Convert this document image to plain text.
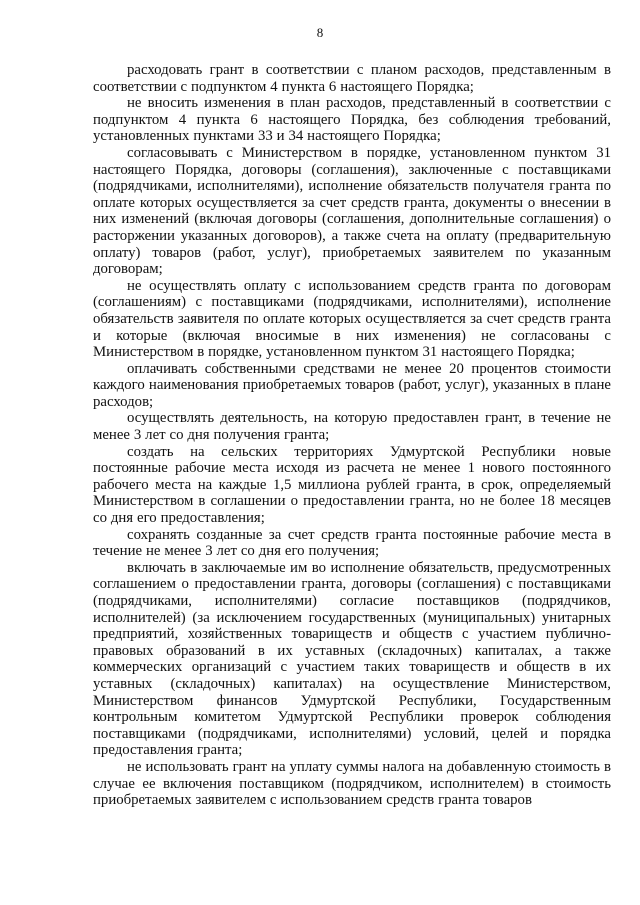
8

расходовать грант в соответствии с планом расходов, представленным в соответствии с подпунктом 4 пункта 6 настоящего Порядка;

не вносить изменения в план расходов, представленный в соответствии с подпунктом 4 пункта 6 настоящего Порядка, без соблюдения требований, установленных пунктами 33 и 34 настоящего Порядка;

согласовывать с Министерством в порядке, установленном пунктом 31 настоящего Порядка, договоры (соглашения), заключенные с поставщиками (подрядчиками, исполнителями), исполнение обязательств получателя гранта по оплате которых осуществляется за счет средств гранта, документы о внесении в них изменений (включая договоры (соглашения, дополнительные соглашения) о расторжении указанных договоров), а также счета на оплату (предварительную оплату) товаров (работ, услуг), приобретаемых заявителем по указанным договорам;

не осуществлять оплату с использованием средств гранта по договорам (соглашениям) с поставщиками (подрядчиками, исполнителями), исполнение обязательств заявителя по оплате которых осуществляется за счет средств гранта и которые (включая вносимые в них изменения) не согласованы с Министерством в порядке, установленном пунктом 31 настоящего Порядка;

оплачивать собственными средствами не менее 20 процентов стоимости каждого наименования приобретаемых товаров (работ, услуг), указанных в плане расходов;

осуществлять деятельность, на которую предоставлен грант, в течение не менее 3 лет со дня получения гранта;

создать на сельских территориях Удмуртской Республики новые постоянные рабочие места исходя из расчета не менее 1 нового постоянного рабочего места на каждые 1,5 миллиона рублей гранта, в срок, определяемый Министерством в соглашении о предоставлении гранта, но не более 18 месяцев со дня его предоставления;

сохранять созданные за счет средств гранта постоянные рабочие места в течение не менее 3 лет со дня его получения;

включать в заключаемые им во исполнение обязательств, предусмотренных соглашением о предоставлении гранта, договоры (соглашения) с поставщиками (подрядчиками, исполнителями) согласие поставщиков (подрядчиков, исполнителей) (за исключением государственных (муниципальных) унитарных предприятий, хозяйственных товариществ и обществ с участием публично-правовых образований в их уставных (складочных) капиталах, а также коммерческих организаций с участием таких товариществ и обществ в их уставных (складочных) капиталах) на осуществление Министерством, Министерством финансов Удмуртской Республики, Государственным контрольным комитетом Удмуртской Республики проверок соблюдения поставщиками (подрядчиками, исполнителями) условий, целей и порядка предоставления гранта;

не использовать грант на уплату суммы налога на добавленную стоимость в случае ее включения поставщиком (подрядчиком, исполнителем) в стоимость приобретаемых заявителем с использованием средств гранта товаров
